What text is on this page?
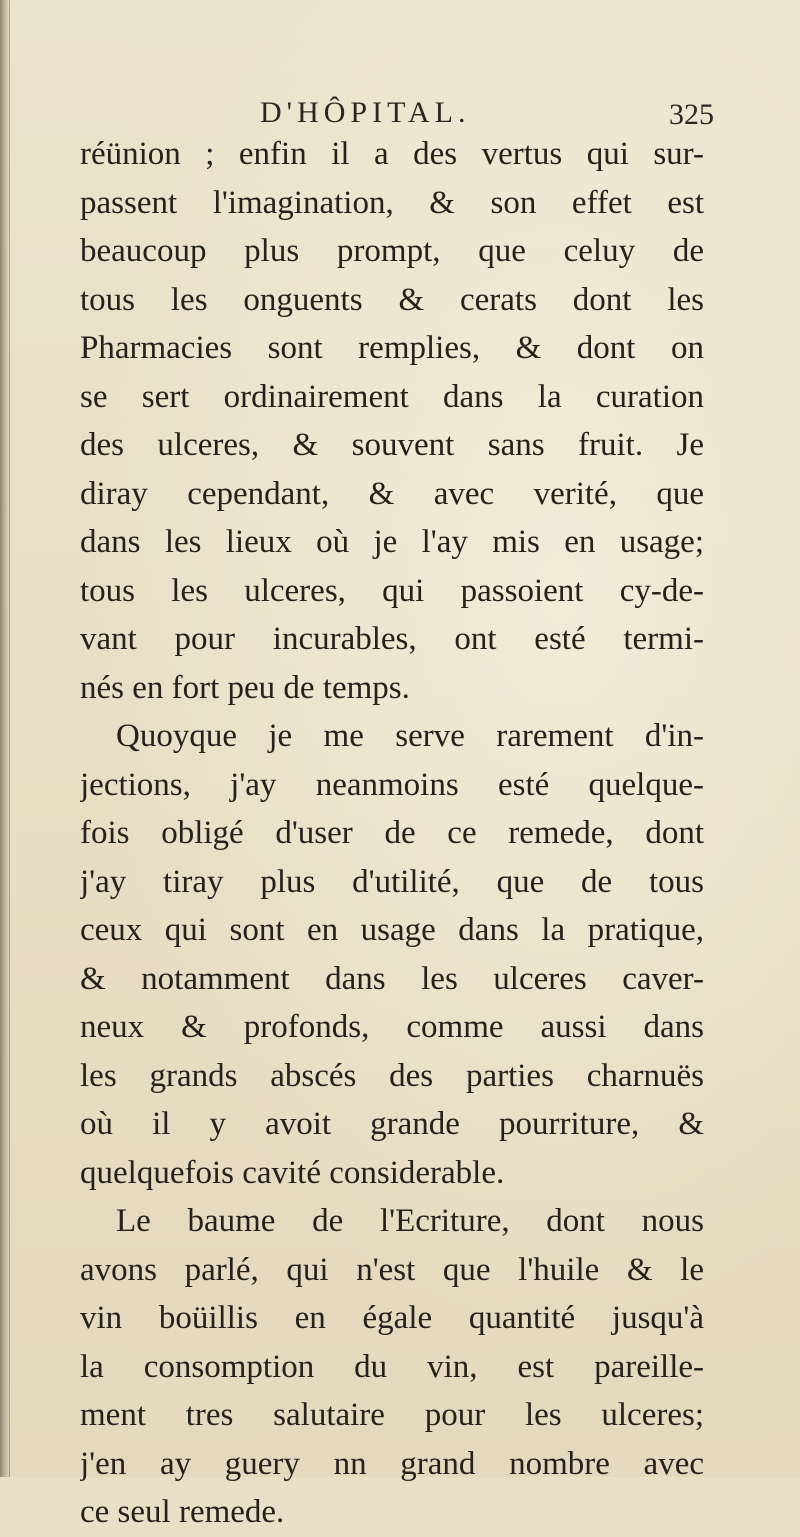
D'HÔPITAL.	325
réünion ; enfin il a des vertus qui sur-
passent l'imagination, & son effet est
beaucoup plus prompt, que celuy de
tous les onguents & cerats dont les
Pharmacies sont remplies, & dont on
se sert ordinairement dans la curation
des ulceres, & souvent sans fruit. Je
diray cependant, & avec verité, que
dans les lieux où je l'ay mis en usage;
tous les ulceres, qui passoient cy-de-
vant pour incurables, ont esté termi-
nés en fort peu de temps.
Quoyque je me serve rarement d'in-
jections, j'ay neanmoins esté quelque-
fois obligé d'user de ce remede, dont
j'ay tiray plus d'utilité, que de tous
ceux qui sont en usage dans la pratique,
& notamment dans les ulceres caver-
neux & profonds, comme aussi dans
les grands abscés des parties charnuës
où il y avoit grande pourriture, &
quelquefois cavité considerable.
Le baume de l'Ecriture, dont nous
avons parlé, qui n'est que l'huile & le
vin boüillis en égale quantité jusqu'à
la consomption du vin, est pareille-
ment tres salutaire pour les ulceres;
j'en ay guery nn grand nombre avec
ce seul remede.
